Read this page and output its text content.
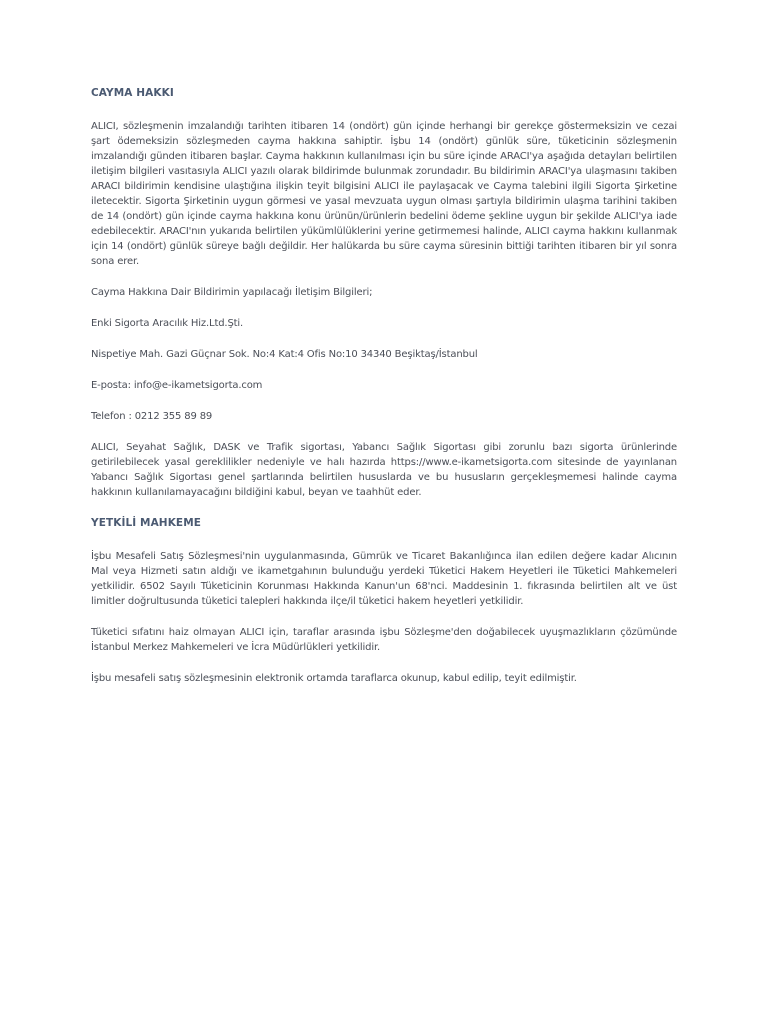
CAYMA HAKKI

ALICI, sözleşmenin imzalandığı tarihten itibaren 14 (ondört) gün içinde herhangi bir gerekçe göstermeksizin ve cezai şart ödemeksizin sözleşmeden cayma hakkına sahiptir. İşbu 14 (ondört) günlük süre, tüketicinin sözleşmenin imzalandığı günden itibaren başlar. Cayma hakkının kullanılması için bu süre içinde ARACI'ya aşağıda detayları belirtilen iletişim bilgileri vasıtasıyla ALICI yazılı olarak bildirimde bulunmak zorundadır. Bu bildirimin ARACI'ya ulaşmasını takiben ARACI bildirimin kendisine ulaştığına ilişkin teyit bilgisini ALICI ile paylaşacak ve Cayma talebini ilgili Sigorta Şirketine iletecektir. Sigorta Şirketinin uygun görmesi ve yasal mevzuata uygun olması şartıyla bildirimin ulaşma tarihini takiben de 14 (ondört) gün içinde cayma hakkına konu ürünün/ürünlerin bedelini ödeme şekline uygun bir şekilde ALICI'ya iade edebilecektir. ARACI'nın yukarıda belirtilen yükümlülüklerini yerine getirmemesi halinde, ALICI cayma hakkını kullanmak için 14 (ondört) günlük süreye bağlı değildir. Her halükarda bu süre cayma süresinin bittiği tarihten itibaren bir yıl sonra sona erer.

Cayma Hakkına Dair Bildirimin yapılacağı İletişim Bilgileri;

Enki Sigorta Aracılık Hiz.Ltd.Şti.

Nispetiye Mah. Gazi Güçnar Sok. No:4 Kat:4 Ofis No:10 34340 Beşiktaş/İstanbul

E-posta: info@e-ikametsigorta.com

Telefon : 0212 355 89 89

ALICI, Seyahat Sağlık, DASK ve Trafik sigortası, Yabancı Sağlık Sigortası gibi zorunlu bazı sigorta ürünlerinde getirilebilecek yasal gereklilikler nedeniyle ve halı hazırda https://www.e-ikametsigorta.com sitesinde de yayınlanan Yabancı Sağlık Sigortası genel şartlarında belirtilen hususlarda ve bu hususların gerçekleşmemesi halinde cayma hakkının kullanılamayacağını bildiğini kabul, beyan ve taahhüt eder.

YETKİLİ MAHKEME

İşbu Mesafeli Satış Sözleşmesi'nin uygulanmasında, Gümrük ve Ticaret Bakanlığınca ilan edilen değere kadar Alıcının Mal veya Hizmeti satın aldığı ve ikametgahının bulunduğu yerdeki Tüketici Hakem Heyetleri ile Tüketici Mahkemeleri yetkilidir. 6502 Sayılı Tüketicinin Korunması Hakkında Kanun'un 68'nci. Maddesinin 1. fıkrasında belirtilen alt ve üst limitler doğrultusunda tüketici talepleri hakkında ilçe/il tüketici hakem heyetleri yetkilidir.

Tüketici sıfatını haiz olmayan ALICI için, taraflar arasında işbu Sözleşme'den doğabilecek uyuşmazlıkların çözümünde İstanbul Merkez Mahkemeleri ve İcra Müdürlükleri yetkilidir.

İşbu mesafeli satış sözleşmesinin elektronik ortamda taraflarca okunup, kabul edilip, teyit edilmiştir.
